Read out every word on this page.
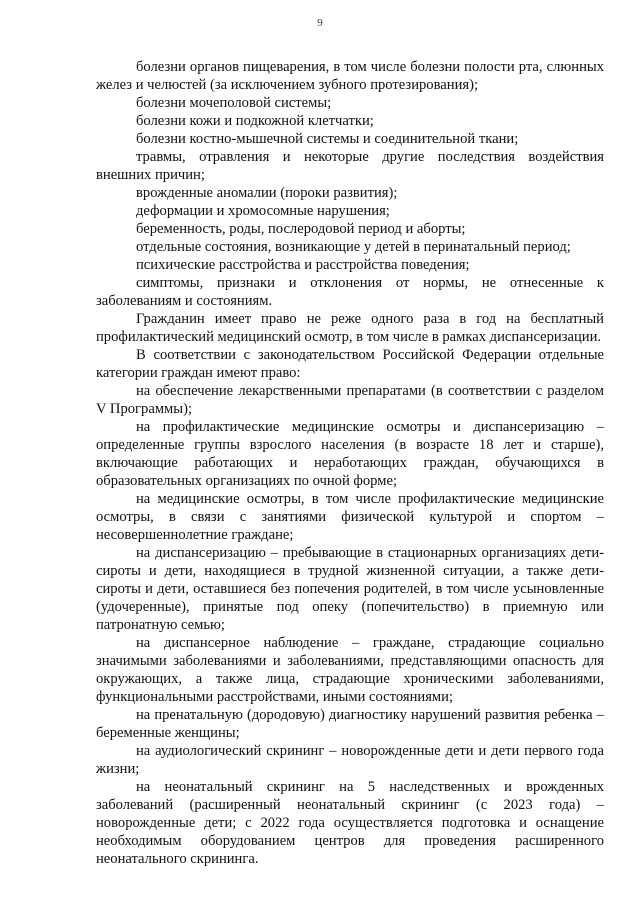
9

болезни органов пищеварения, в том числе болезни полости рта, слюнных желез и челюстей (за исключением зубного протезирования);

болезни мочеполовой системы;

болезни кожи и подкожной клетчатки;

болезни костно-мышечной системы и соединительной ткани;

травмы, отравления и некоторые другие последствия воздействия внешних причин;

врожденные аномалии (пороки развития);

деформации и хромосомные нарушения;

беременность, роды, послеродовой период и аборты;

отдельные состояния, возникающие у детей в перинатальный период;

психические расстройства и расстройства поведения;

симптомы, признаки и отклонения от нормы, не отнесенные к заболеваниям и состояниям.

Гражданин имеет право не реже одного раза в год на бесплатный профилактический медицинский осмотр, в том числе в рамках диспансеризации.

В соответствии с законодательством Российской Федерации отдельные категории граждан имеют право:

на обеспечение лекарственными препаратами (в соответствии с разделом V Программы);

на профилактические медицинские осмотры и диспансеризацию – определенные группы взрослого населения (в возрасте 18 лет и старше), включающие работающих и неработающих граждан, обучающихся в образовательных организациях по очной форме;

на медицинские осмотры, в том числе профилактические медицинские осмотры, в связи с занятиями физической культурой и спортом – несовершеннолетние граждане;

на диспансеризацию – пребывающие в стационарных организациях дети-сироты и дети, находящиеся в трудной жизненной ситуации, а также дети-сироты и дети, оставшиеся без попечения родителей, в том числе усыновленные (удочеренные), принятые под опеку (попечительство) в приемную или патронатную семью;

на диспансерное наблюдение – граждане, страдающие социально значимыми заболеваниями и заболеваниями, представляющими опасность для окружающих, а также лица, страдающие хроническими заболеваниями, функциональными расстройствами, иными состояниями;

на пренатальную (дородовую) диагностику нарушений развития ребенка – беременные женщины;

на аудиологический скрининг – новорожденные дети и дети первого года жизни;

на неонатальный скрининг на 5 наследственных и врожденных заболеваний (расширенный неонатальный скрининг (с 2023 года) – новорожденные дети; с 2022 года осуществляется подготовка и оснащение необходимым оборудованием центров для проведения расширенного неонатального скрининга.
